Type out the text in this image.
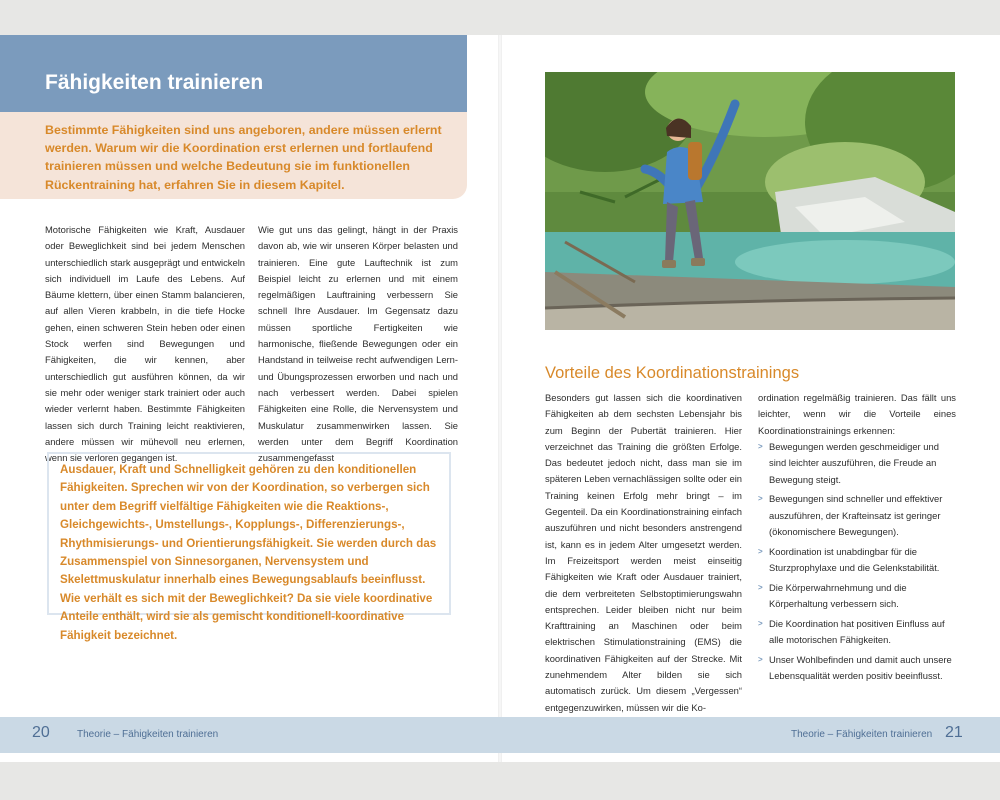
Fähigkeiten trainieren

Bestimmte Fähigkeiten sind uns angeboren, andere müssen erlernt werden. Warum wir die Koordination erst erlernen und fortlaufend trainieren müssen und welche Bedeutung sie im funktionellen Rückentraining hat, erfahren Sie in diesem Kapitel.

Motorische Fähigkeiten wie Kraft, Ausdauer oder Beweglichkeit sind bei jedem Menschen unterschiedlich stark ausgeprägt und entwickeln sich individuell im Laufe des Lebens. Auf Bäume klettern, über einen Stamm balancieren, auf allen Vieren krabbeln, in die tiefe Hocke gehen, einen schweren Stein heben oder einen Stock werfen sind Bewegungen und Fähigkeiten, die wir kennen, aber unterschiedlich gut ausführen können, da wir sie mehr oder weniger stark trainiert oder auch wieder verlernt haben. Bestimmte Fähigkeiten lassen sich durch Training leicht reaktivieren, andere müssen wir mühevoll neu erlernen, wenn sie verloren gegangen ist.

Wie gut uns das gelingt, hängt in der Praxis davon ab, wie wir unseren Körper belasten und trainieren. Eine gute Lauftechnik ist zum Beispiel leicht zu erlernen und mit einem regelmäßigen Lauftraining verbessern Sie schnell Ihre Ausdauer. Im Gegensatz dazu müssen sportliche Fertigkeiten wie harmonische, fließende Bewegungen oder ein Handstand in teilweise recht aufwendigen Lern- und Übungsprozessen erworben und nach und nach verbessert werden. Dabei spielen Fähigkeiten eine Rolle, die Nervensystem und Muskulatur zusammenwirken lassen. Sie werden unter dem Begriff Koordination zusammengefasst

Ausdauer, Kraft und Schnelligkeit gehören zu den konditionellen Fähigkeiten. Sprechen wir von der Koordination, so verbergen sich unter dem Begriff vielfältige Fähigkeiten wie die Reaktions-, Gleichgewichts-, Umstellungs-, Kopplungs-, Differenzierungs-, Rhythmisierungs- und Orientierungsfähigkeit. Sie werden durch das Zusammenspiel von Sinnesorganen, Nervensystem und Skelettmuskulatur innerhalb eines Bewegungsablaufs beeinflusst. Wie verhält es sich mit der Beweglichkeit? Da sie viele koordinative Anteile enthält, wird sie als gemischt konditionell-koordinative Fähigkeit bezeichnet.

Vorteile des Koordinationstrainings

Besonders gut lassen sich die koordinativen Fähigkeiten ab dem sechsten Lebensjahr bis zum Beginn der Pubertät trainieren. Hier verzeichnet das Training die größten Erfolge. Das bedeutet jedoch nicht, dass man sie im späteren Leben vernachlässigen sollte oder ein Training keinen Erfolg mehr bringt – im Gegenteil. Da ein Koordinationstraining einfach auszuführen und nicht besonders anstrengend ist, kann es in jedem Alter umgesetzt werden. Im Freizeitsport werden meist einseitig Fähigkeiten wie Kraft oder Ausdauer trainiert, die dem verbreiteten Selbstoptimierungswahn entsprechen. Leider bleiben nicht nur beim Krafttraining an Maschinen oder beim elektrischen Stimulationstraining (EMS) die koordinativen Fähigkeiten auf der Strecke. Mit zunehmendem Alter bilden sie sich automatisch zurück. Um diesem „Vergessen“ entgegenzuwirken, müssen wir die Ko-

ordination regelmäßig trainieren. Das fällt uns leichter, wenn wir die Vorteile eines Koordinationstrainings erkennen:

> Bewegungen werden geschmeidiger und sind leichter auszuführen, die Freude an Bewegung steigt.
> Bewegungen sind schneller und effektiver auszuführen, der Krafteinsatz ist geringer (ökonomischere Bewegungen).
> Koordination ist unabdingbar für die Sturzprophylaxe und die Gelenkstabilität.
> Die Körperwahrnehmung und die Körperhaltung verbessern sich.
> Die Koordination hat positiven Einfluss auf alle motorischen Fähigkeiten.
> Unser Wohlbefinden und damit auch unsere Lebensqualität werden positiv beeinflusst.
20	Theorie – Fähigkeiten trainieren	Theorie – Fähigkeiten trainieren 21
